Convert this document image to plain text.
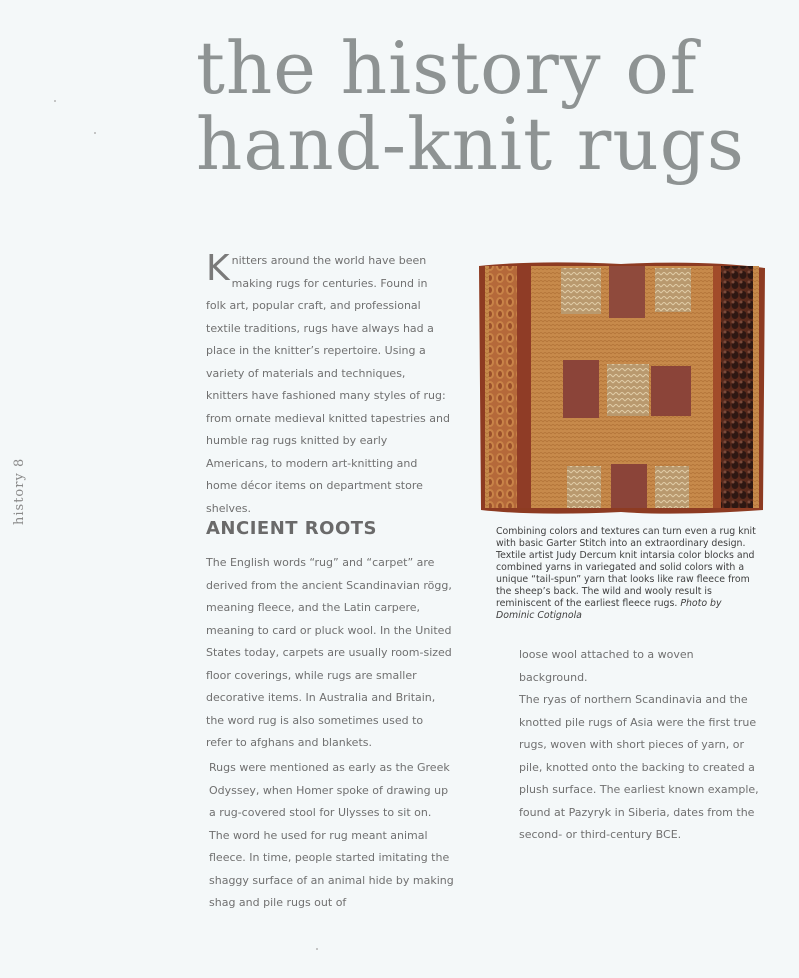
the history of
hand-knit rugs
history 8
K nitters around the world have been making rugs for centuries. Found in folk art, popular craft, and professional textile traditions, rugs have always had a place in the knitter’s repertoire. Using a variety of materials and techniques, knitters have fashioned many styles of rug: from ornate medieval knitted tapestries and humble rag rugs knitted by early Americans, to modern art-knitting and home décor items on department store shelves.
Combining colors and textures can turn even a rug knit with basic Garter Stitch into an extraordinary design. Textile artist Judy Dercum knit intarsia color blocks and combined yarns in variegated and solid colors with a unique “tail-spun” yarn that looks like raw fleece from the sheep’s back. The wild and wooly result is reminiscent of the earliest fleece rugs. Photo by Dominic Cotignola
ANCIENT ROOTS

The English words “rug” and “carpet” are derived from the ancient Scandinavian rögg, meaning fleece, and the Latin carpere, meaning to card or pluck wool. In the United States today, carpets are usually room-sized floor coverings, while rugs are smaller decorative items. In Australia and Britain, the word rug is also sometimes used to refer to afghans and blankets.

Rugs were mentioned as early as the Greek Odyssey, when Homer spoke of drawing up a rug-covered stool for Ulysses to sit on. The word he used for rug meant animal fleece. In time, people started imitating the shaggy surface of an animal hide by making shag and pile rugs out of

loose wool attached to a woven background.

The ryas of northern Scandinavia and the knotted pile rugs of Asia were the first true rugs, woven with short pieces of yarn, or pile, knotted onto the backing to created a plush surface. The earliest known example, found at Pazyryk in Siberia, dates from the second- or third-century BCE.
